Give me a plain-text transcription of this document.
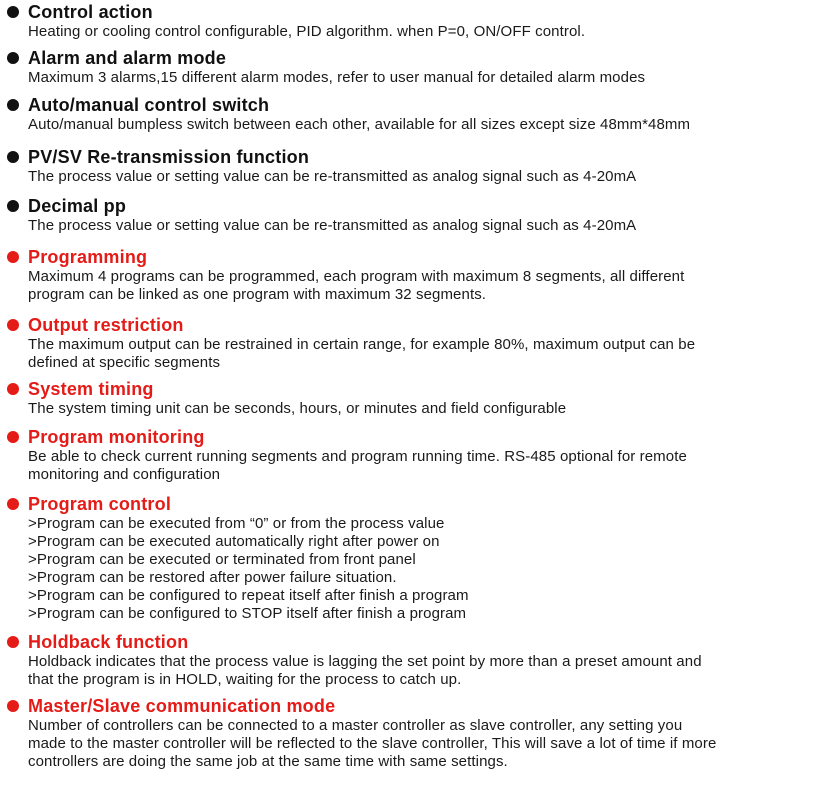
Control action
Heating or cooling control configurable, PID algorithm. when P=0, ON/OFF control.
Alarm and alarm mode
Maximum 3 alarms,15 different alarm modes, refer to user manual for detailed alarm modes
Auto/manual control switch
Auto/manual bumpless switch between each other, available for all sizes except size 48mm*48mm
PV/SV Re-transmission function
The process value or setting value can be re-transmitted as analog signal such as 4-20mA
Decimal pp
The process value or setting value can be re-transmitted as analog signal such as 4-20mA
Programming
Maximum 4 programs can be programmed, each program with maximum 8 segments, all different
program can be linked as one program with maximum 32 segments.
Output restriction
The maximum output can be restrained in certain range, for example 80%, maximum output can be
defined at specific segments
System timing
The system timing unit can be seconds, hours, or minutes and field configurable
Program monitoring
Be able to check current running segments and program running time. RS-485 optional for remote
monitoring and configuration
Program control
>Program can be executed from “0” or from the process value
>Program can be executed automatically right after power on
>Program can be executed or terminated from front panel
>Program can be restored after power failure situation.
>Program can be configured to repeat itself after finish a program
>Program can be configured to STOP itself after finish a program
Holdback function
Holdback indicates that the process value is lagging the set point by more than a preset amount and
that the program is in HOLD, waiting for the process to catch up.
Master/Slave communication mode
Number of controllers can be connected to a master controller as slave controller, any setting you
made to the master controller will be reflected to the slave controller, This will save a lot of time if more
controllers are doing the same job at the same time with same settings.
